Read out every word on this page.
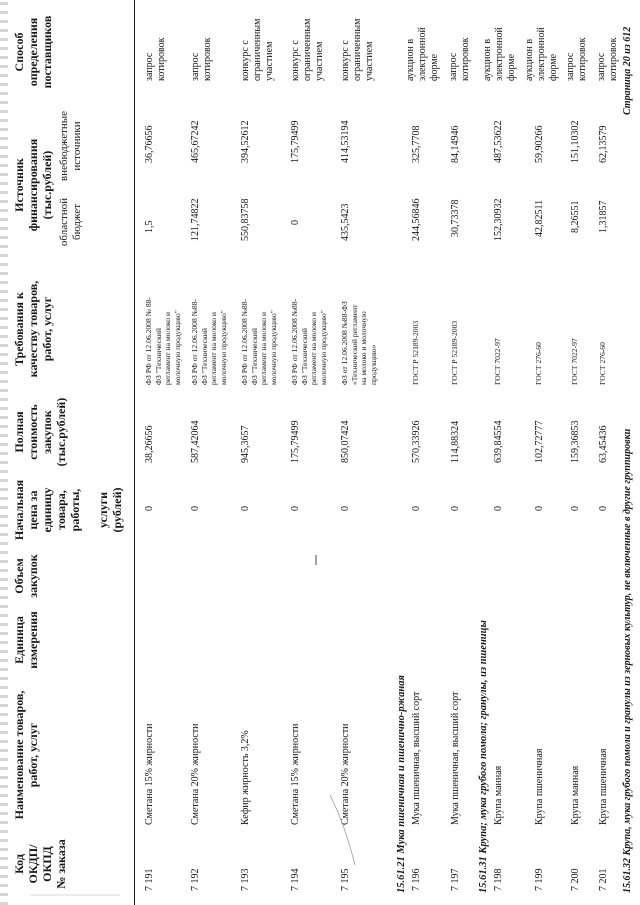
Код
ОКДП/
ОКПД
№ заказа
Наименование товаров,
работ, услуг
Единица
измерения
Объем
закупок
Начальная
цена за
единицу
товара,
работы,

услуги
(рублей)
Полная
стоимость
закупок
(тыс.рублей)
Требования к
качеству товаров,
работ, услуг
Источник
финансирования
(тыс.рублей)
областной
бюджет
внебюджетные
источники
Способ
определения
поставщиков
7 191
Сметана 15% жирности
0
38,26656
ФЗ РФ от 12.06.2008 № 88-
ФЗ "Технический
регламент на молоко и
молочную продукцию"
1,5
36,76656
запрос
котировок
7 192
Сметана 20% жирности
0
587,42064
ФЗ РФ от 12.06.2008 №88-
ФЗ "Технический
регламент на молоко и
молочную продукцию"
121,74822
465,67242
запрос
котировок
7 193
Кефир жирность 3,2%
0
945,3657
ФЗ РФ от 12.06.2008 №88-
ФЗ "Технический
регламент на молоко и
молочную продукцию"
550,83758
394,52612
конкурс с
ограниченным
участием
7 194
Сметана 15% жирности
0
175,79499
ФЗ РФ от 12.06.2008 №88-
ФЗ "Технический
регламент на молоко и
молочную продукцию"
0
175,79499
конкурс с
ограниченным
участием
7 195
Сметана 20% жирности
0
850,07424
ФЗ от 12.06.2008 №88-ФЗ
«Технический регламент
на молоко и молочную
продукцию»
435,5423
414,53194
конкурс с
ограниченным
участием
15.61.21 Мука пшеничная и пшенично-ржаная 7 196
Мука пшеничная, высший сорт
0
570,33926
ГОСТ Р 52189-2003
244,56846
325,7708
аукцион в
электронной
форме
7 197
Мука пшеничная, высший сорт
0
114,88324
ГОСТ Р 52189-2003
30,73378
84,14946
запрос
котировок
15.61.31 Крупа; мука грубого помола; гранулы, из пшеницы 7 198
Крупа манная
0
639,84554
ГОСТ 7022-97
152,30932
487,53622
аукцион в
электронной
форме
7 199
Крупа пшеничная
0
102,72777
ГОСТ 276-60
42,82511
59,90266
аукцион в
электронной
форме
7 200
Крупа манная
0
159,36853
ГОСТ 7022-97
8,26551
151,10302
запрос
котировок
7 201
Крупа пшеничная
0
63,45436
ГОСТ 276-60
1,31857
62,13579
запрос
котировок
15.61.32 Крупа, мука грубого помола и гранулы из зерновых культур, не включенные в другие группировки
Страница 20 из 612
